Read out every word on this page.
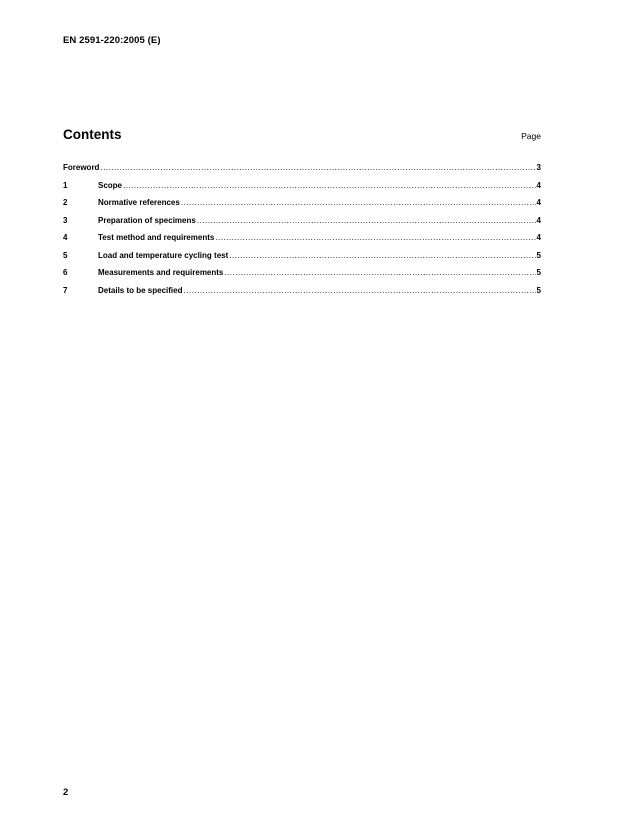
EN 2591-220:2005 (E)
Contents	Page
Foreword .....	3
1	Scope .....	4
2	Normative references .....	4
3	Preparation of specimens .....	4
4	Test method and requirements .....	4
5	Load and temperature cycling test .....	5
6	Measurements and requirements .....	5
7	Details to be specified .....	5
2
